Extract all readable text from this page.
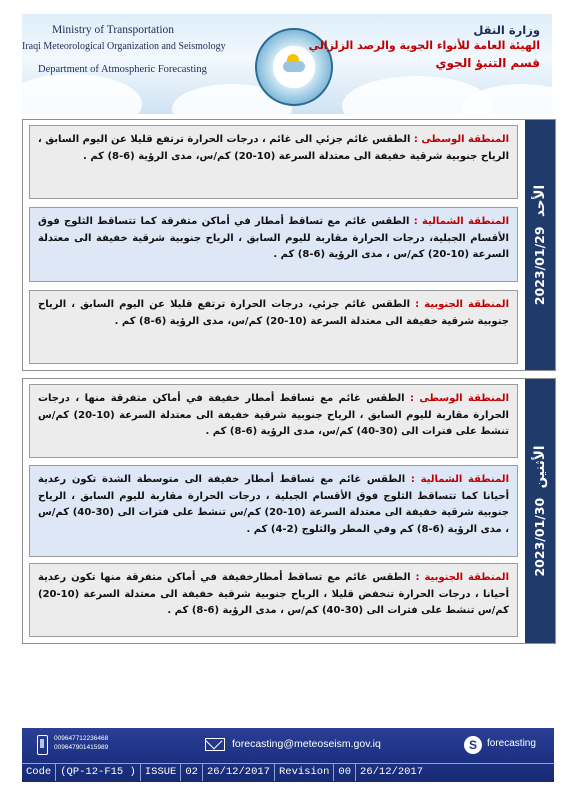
Ministry of Transportation
Iraqi Meteorological Organization and Seismology
Department of Atmospheric Forecasting
وزارة النقل
الهيئة العامة للأنواء الجوية والرصد الزلزالي
قسم التنبؤ الجوي
المنطقة الوسطى : الطقس غائم جزئي الى غائم ، درجات الحرارة ترتفع قليلا عن اليوم السابق ، الرياح جنوبية شرقية خفيفة الى معتدلة السرعة (10-20) كم/س، مدى الرؤية (6-8) كم .
المنطقة الشمالية : الطقس غائم مع تساقط أمطار في أماكن متفرقة كما تتساقط الثلوج فوق الأقسام الجبلية، درجات الحرارة مقاربة لليوم السابق ، الرياح جنوبية شرقية خفيفة الى معتدلة السرعة (10-20) كم/س ، مدى الرؤية (6-8) كم .
المنطقة الجنوبية : الطقس غائم جزئي، درجات الحرارة ترتفع قليلا عن اليوم السابق ، الرياح جنوبية شرقية خفيفة الى معتدلة السرعة (10-20) كم/س، مدى الرؤية (6-8) كم .
2023/01/29  الأحد
المنطقة الوسطى : الطقس غائم مع تساقط أمطار خفيفة في أماكن متفرقة منها ، درجات الحرارة مقاربة لليوم السابق ، الرياح جنوبية شرقية خفيفة الى معتدلة السرعة (10-20) كم/س تنشط على فترات الى (30-40) كم/س، مدى الرؤية (6-8) كم .
المنطقة الشمالية : الطقس غائم مع تساقط أمطار خفيفة الى متوسطة الشدة تكون رعدية أحيانا كما تتساقط الثلوج فوق الأقسام الجبلية ، درجات الحرارة مقاربة لليوم السابق ، الرياح جنوبية شرقية خفيفة الى معتدلة السرعة (10-20) كم/س تنشط على فترات الى (30-40) كم/س ، مدى الرؤية (6-8) كم وفي المطر والثلوج (2-4) كم .
المنطقة الجنوبية : الطقس غائم مع تساقط أمطارخفيفة في أماكن متفرقة منها تكون رعدية أحيانا ، درجات الحرارة تنخفض قليلا ، الرياح جنوبية شرقية خفيفة الى معتدلة السرعة (10-20) كم/س تنشط على فترات الى (30-40) كم/س ، مدى الرؤية (6-8) كم .
2023/01/30  الأثنين
009647712236468
009647901415989	forecasting@meteoseism.gov.iq	S	forecasting
Code (QP-12-F15 ) ISSUE 02 26/12/2017 Revision 00 26/12/2017
